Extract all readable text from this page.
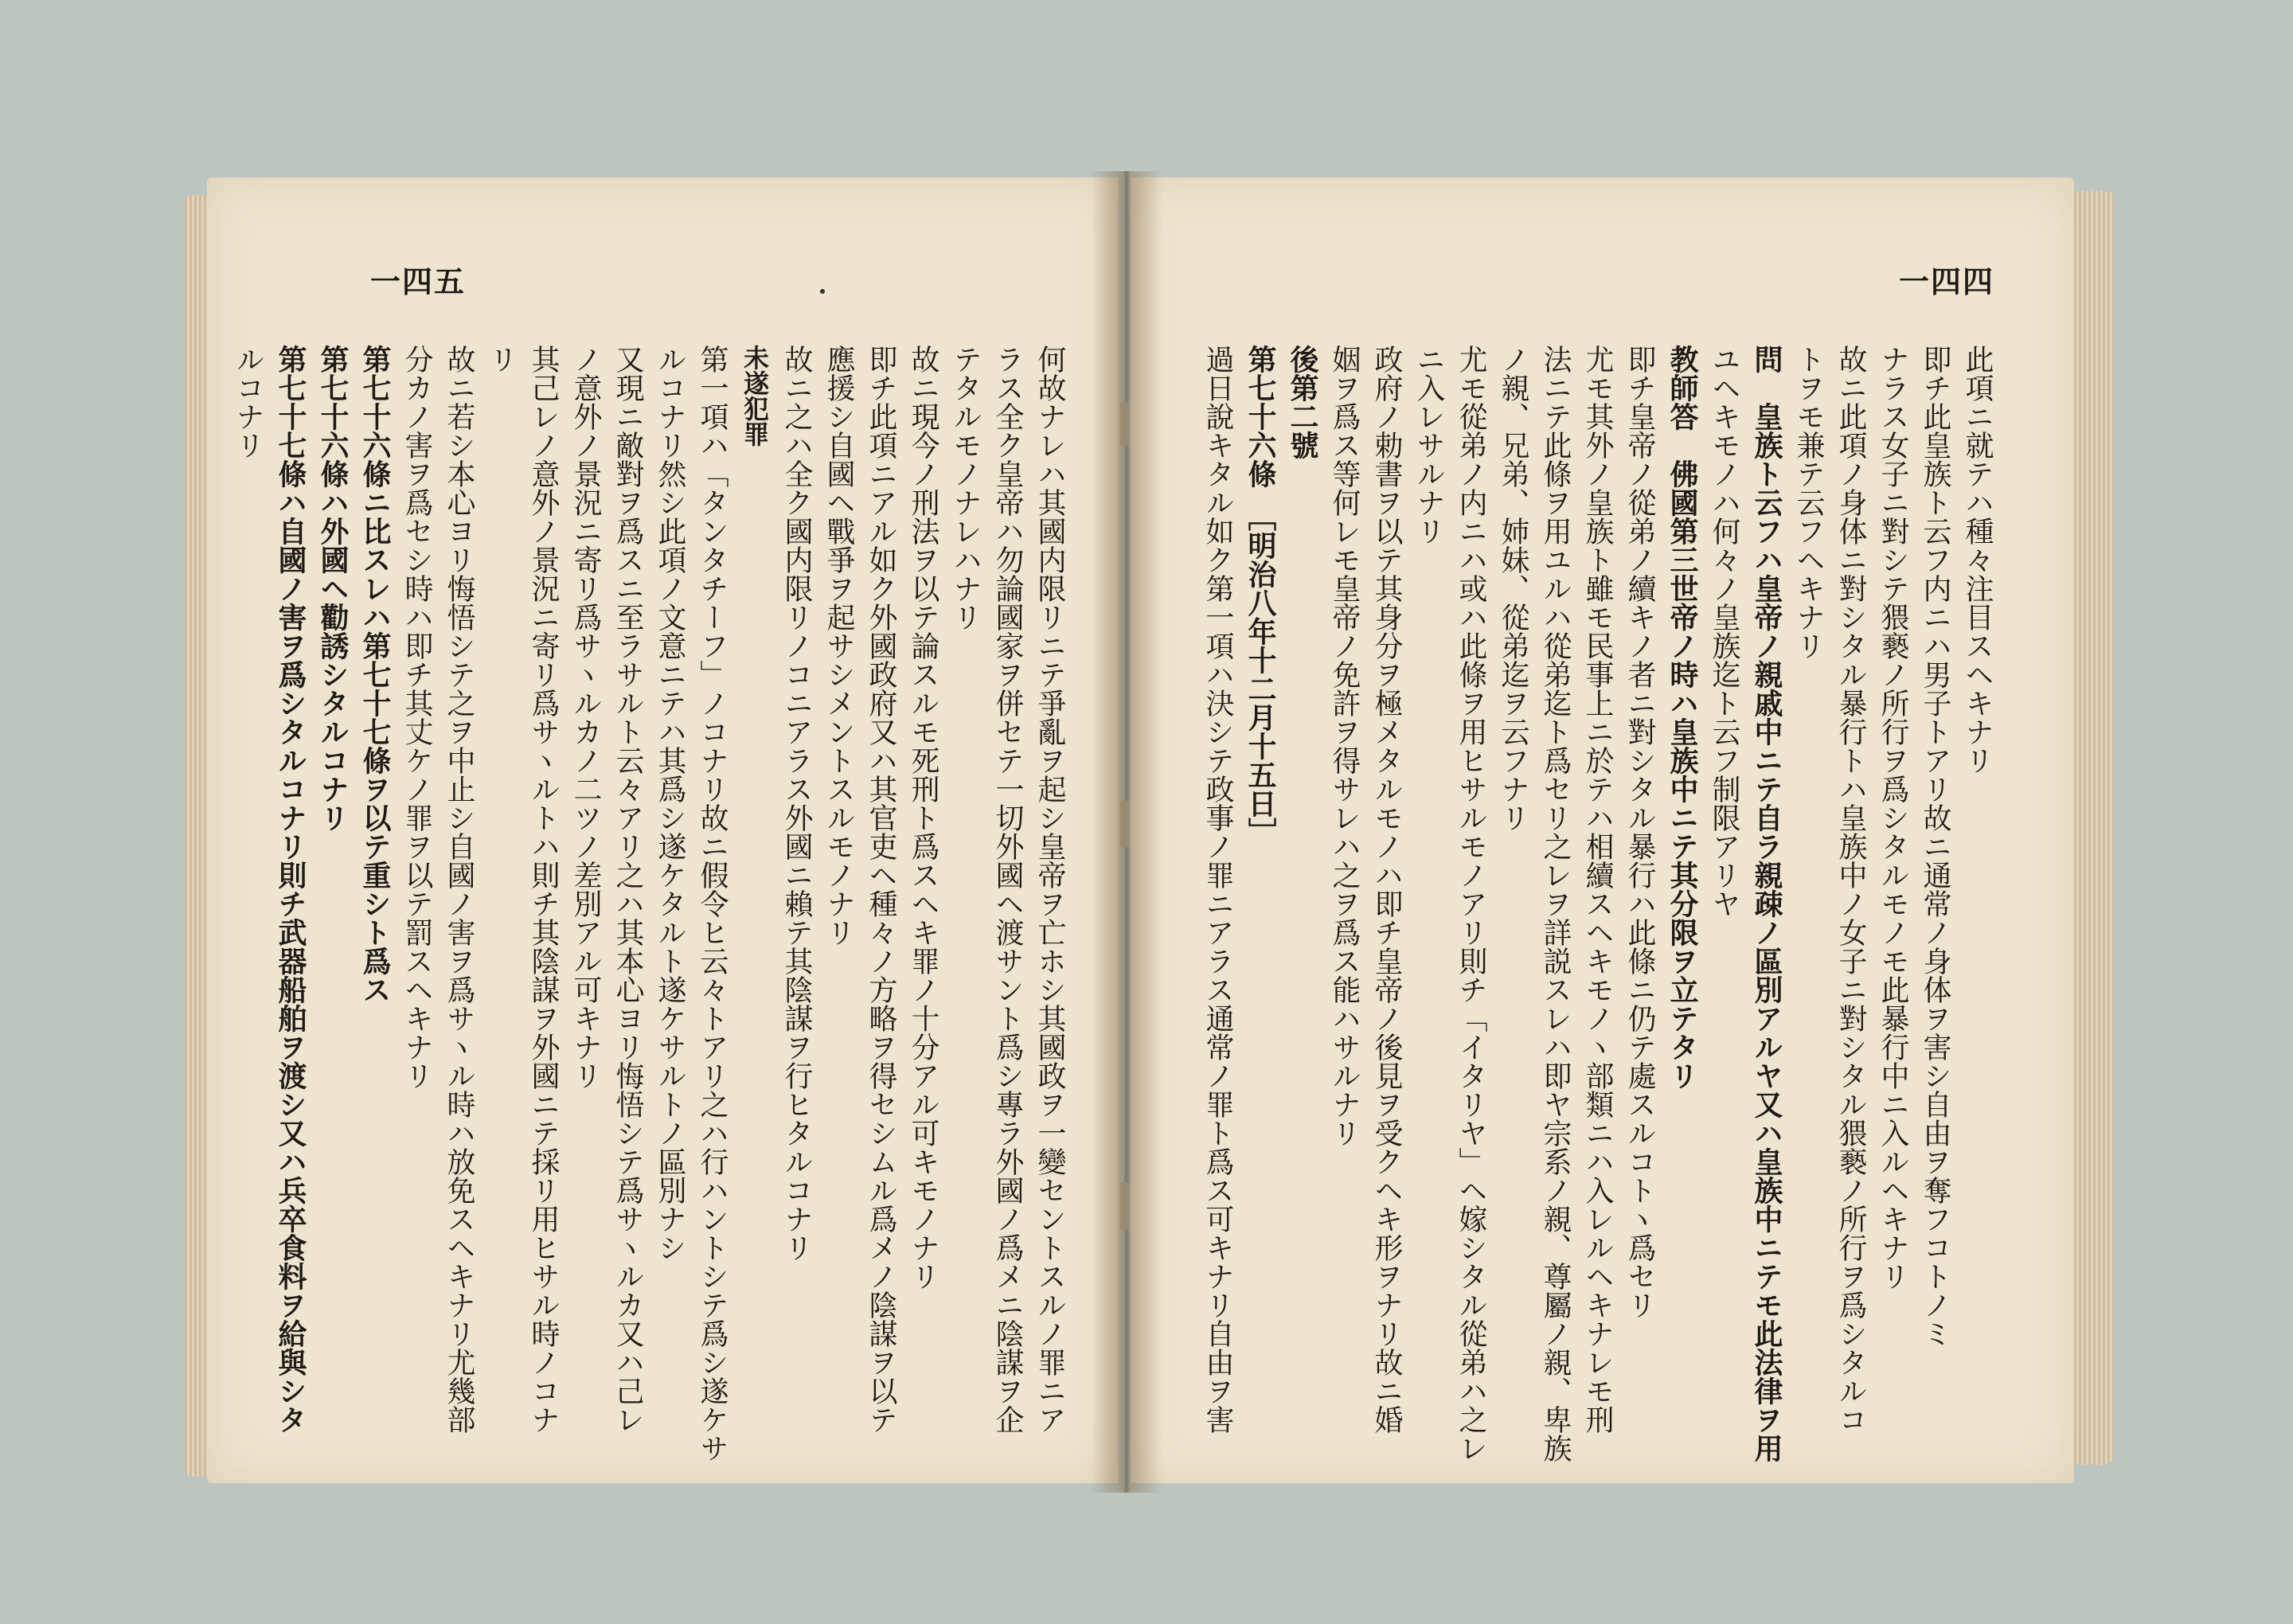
一四五
何故ナレハ其國内限リニテ爭亂ヲ起シ皇帝ヲ亡ホシ其國政ヲ一變セントスルノ罪ニア
ラス全ク皇帝ハ勿論國家ヲ併セテ一切外國ヘ渡サント爲シ專ラ外國ノ爲メニ陰謀ヲ企
テタルモノナレハナリ
故ニ現今ノ刑法ヲ以テ論スルモ死刑ト爲スヘキ罪ノ十分アル可キモノナリ
即チ此項ニアル如ク外國政府又ハ其官吏ヘ種々ノ方略ヲ得セシムル爲メノ陰謀ヲ以テ
應援シ自國ヘ戰爭ヲ起サシメントスルモノナリ
故ニ之ハ全ク國内限リノコニアラス外國ニ賴テ其陰謀ヲ行ヒタルコナリ
未遂犯罪
第一項ハ「タンタチーフ」ノコナリ故ニ假令ヒ云々トアリ之ハ行ハントシテ爲シ遂ケサ
ルコナリ然シ此項ノ文意ニテハ其爲シ遂ケタルト遂ケサルトノ區別ナシ
又現ニ敵對ヲ爲スニ至ラサルト云々アリ之ハ其本心ヨリ悔悟シテ爲サヽルカ又ハ己レ
ノ意外ノ景況ニ寄リ爲サヽルカノ二ツノ差別アル可キナリ
其己レノ意外ノ景況ニ寄リ爲サヽルトハ則チ其陰謀ヲ外國ニテ採リ用ヒサル時ノコナ
リ
故ニ若シ本心ヨリ悔悟シテ之ヲ中止シ自國ノ害ヲ爲サヽル時ハ放免スヘキナリ尤幾部
分カノ害ヲ爲セシ時ハ即チ其丈ケノ罪ヲ以テ罰スヘキナリ
第七十六條ニ比スレハ第七十七條ヲ以テ重シト爲ス
第七十六條ハ外國ヘ勸誘シタルコナリ
第七十七條ハ自國ノ害ヲ爲シタルコナリ則チ武器船舶ヲ渡シ又ハ兵卒食料ヲ給與シタ
ルコナリ
一四四
此項ニ就テハ種々注目スヘキナリ
即チ此皇族ト云フ内ニハ男子トアリ故ニ通常ノ身体ヲ害シ自由ヲ奪フコトノミ
ナラス女子ニ對シテ猥褻ノ所行ヲ爲シタルモノモ此暴行中ニ入ルヘキナリ
故ニ此項ノ身体ニ對シタル暴行トハ皇族中ノ女子ニ對シタル猥褻ノ所行ヲ爲シタルコ
トヲモ兼テ云フヘキナリ
問　皇族ト云フハ皇帝ノ親戚中ニテ自ラ親疎ノ區別アルヤ又ハ皇族中ニテモ此法律ヲ用
ユヘキモノハ何々ノ皇族迄ト云フ制限アリヤ
教師答　佛國第三世帝ノ時ハ皇族中ニテ其分限ヲ立テタリ
即チ皇帝ノ從弟ノ續キノ者ニ對シタル暴行ハ此條ニ仍テ處スルコトヽ爲セリ
尤モ其外ノ皇族ト雖モ民事上ニ於テハ相續スヘキモノヽ部類ニハ入レルヘキナレモ刑
法ニテ此條ヲ用ユルハ從弟迄ト爲セリ之レヲ詳説スレハ即ヤ宗系ノ親、尊屬ノ親、卑族
ノ親、兄弟、姉妹、從弟迄ヲ云フナリ
尤モ從弟ノ内ニハ或ハ此條ヲ用ヒサルモノアリ則チ「イタリヤ」ヘ嫁シタル從弟ハ之レ
ニ入レサルナリ
政府ノ勅書ヲ以テ其身分ヲ極メタルモノハ即チ皇帝ノ後見ヲ受クヘキ形ヲナリ故ニ婚
姻ヲ爲ス等何レモ皇帝ノ免許ヲ得サレハ之ヲ爲ス能ハサルナリ
後第二號
第七十六條　［明治八年十二月十五日］
過日說キタル如ク第一項ハ決シテ政事ノ罪ニアラス通常ノ罪ト爲ス可キナリ自由ヲ害
